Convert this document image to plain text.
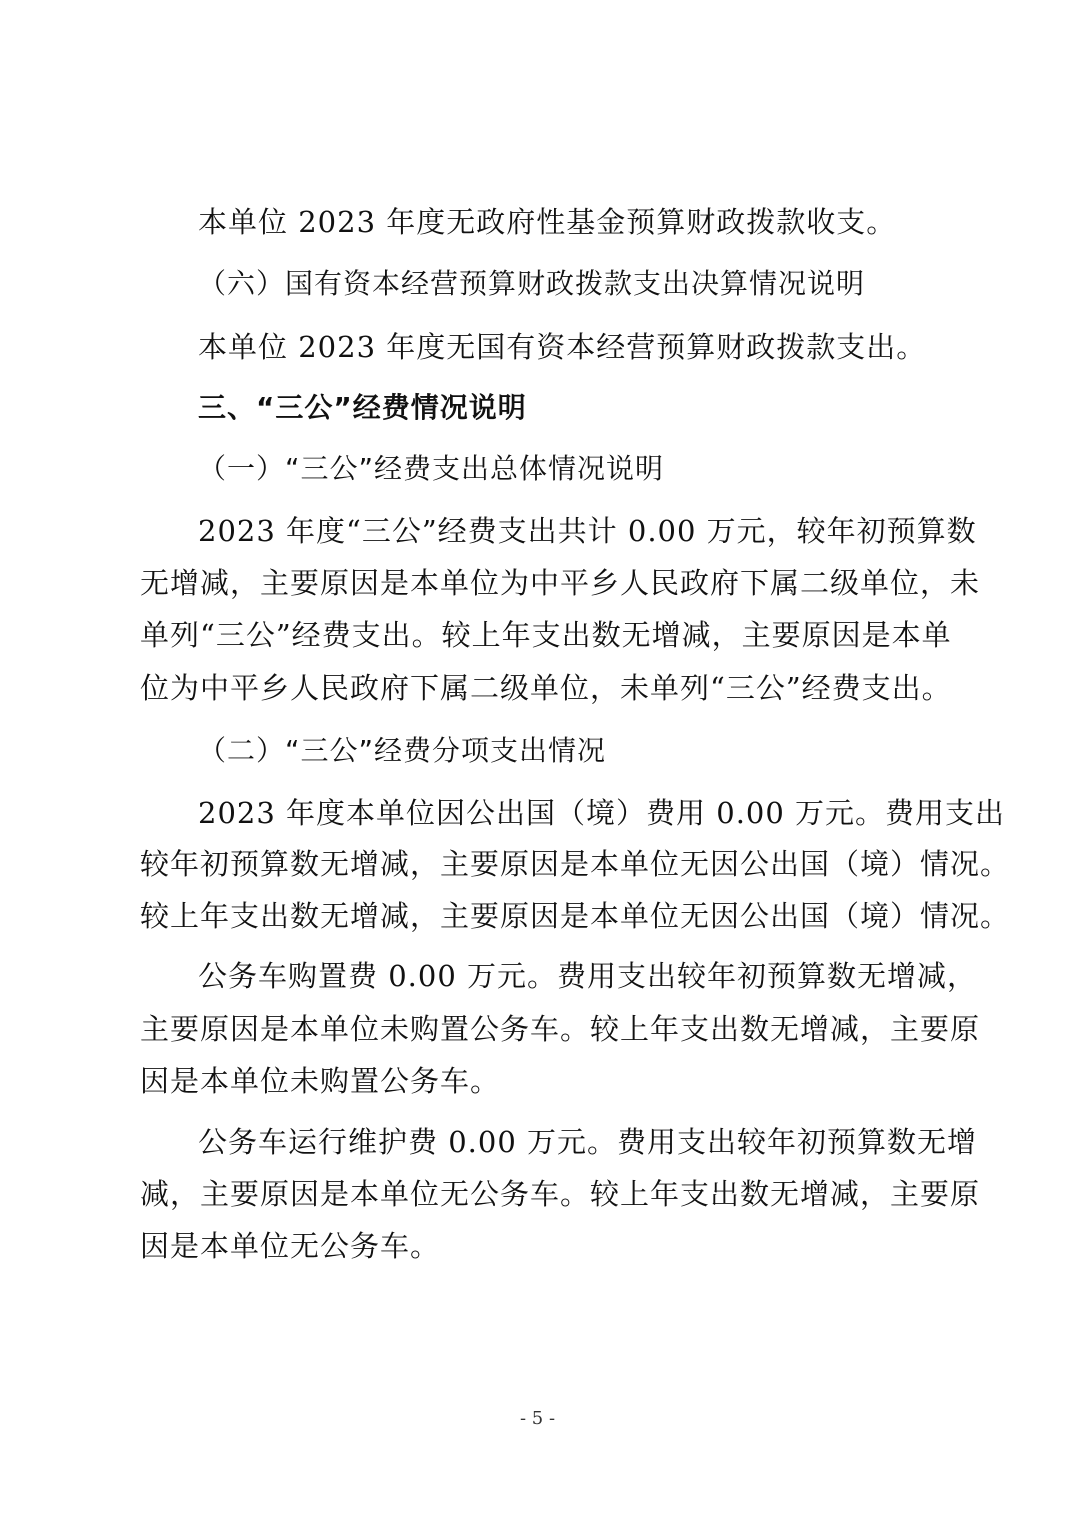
本单位 2023 年度无政府性基金预算财政拨款收支。
（六）国有资本经营预算财政拨款支出决算情况说明
本单位 2023 年度无国有资本经营预算财政拨款支出。
三、“三公”经费情况说明
（一）“三公”经费支出总体情况说明
2023 年度“三公”经费支出共计 0.00 万元，较年初预算数
无增减，主要原因是本单位为中平乡人民政府下属二级单位，未
单列“三公”经费支出。较上年支出数无增减，主要原因是本单
位为中平乡人民政府下属二级单位，未单列“三公”经费支出。
（二）“三公”经费分项支出情况
2023 年度本单位因公出国（境）费用 0.00 万元。费用支出
较年初预算数无增减，主要原因是本单位无因公出国（境）情况。
较上年支出数无增减，主要原因是本单位无因公出国（境）情况。
公务车购置费 0.00 万元。费用支出较年初预算数无增减，
主要原因是本单位未购置公务车。较上年支出数无增减，主要原
因是本单位未购置公务车。
公务车运行维护费 0.00 万元。费用支出较年初预算数无增
减，主要原因是本单位无公务车。较上年支出数无增减，主要原
因是本单位无公务车。
- 5 -
